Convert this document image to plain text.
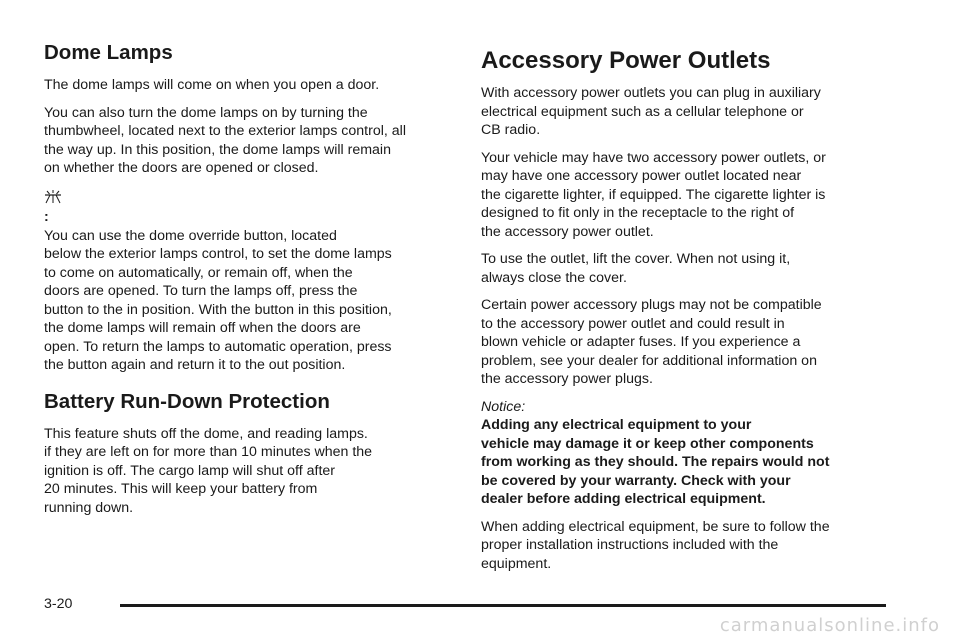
Dome Lamps

The dome lamps will come on when you open a door.

You can also turn the dome lamps on by turning the
thumbwheel, located next to the exterior lamps control, all
the way up. In this position, the dome lamps will remain
on whether the doors are opened or closed.

:
You can use the dome override button, located
below the exterior lamps control, to set the dome lamps
to come on automatically, or remain off, when the
doors are opened. To turn the lamps off, press the
button to the in position. With the button in this position,
the dome lamps will remain off when the doors are
open. To return the lamps to automatic operation, press
the button again and return it to the out position.

Battery Run-Down Protection

This feature shuts off the dome, and reading lamps.
if they are left on for more than 10 minutes when the
ignition is off. The cargo lamp will shut off after
20 minutes. This will keep your battery from
running down.

Accessory Power Outlets

With accessory power outlets you can plug in auxiliary
electrical equipment such as a cellular telephone or
CB radio.

Your vehicle may have two accessory power outlets, or
may have one accessory power outlet located near
the cigarette lighter, if equipped. The cigarette lighter is
designed to fit only in the receptacle to the right of
the accessory power outlet.

To use the outlet, lift the cover. When not using it,
always close the cover.

Certain power accessory plugs may not be compatible
to the accessory power outlet and could result in
blown vehicle or adapter fuses. If you experience a
problem, see your dealer for additional information on
the accessory power plugs.

Notice:
Adding any electrical equipment to your
vehicle may damage it or keep other components
from working as they should. The repairs would not
be covered by your warranty. Check with your
dealer before adding electrical equipment.

When adding electrical equipment, be sure to follow the
proper installation instructions included with the
equipment.

3-20
carmanualsonline.info
